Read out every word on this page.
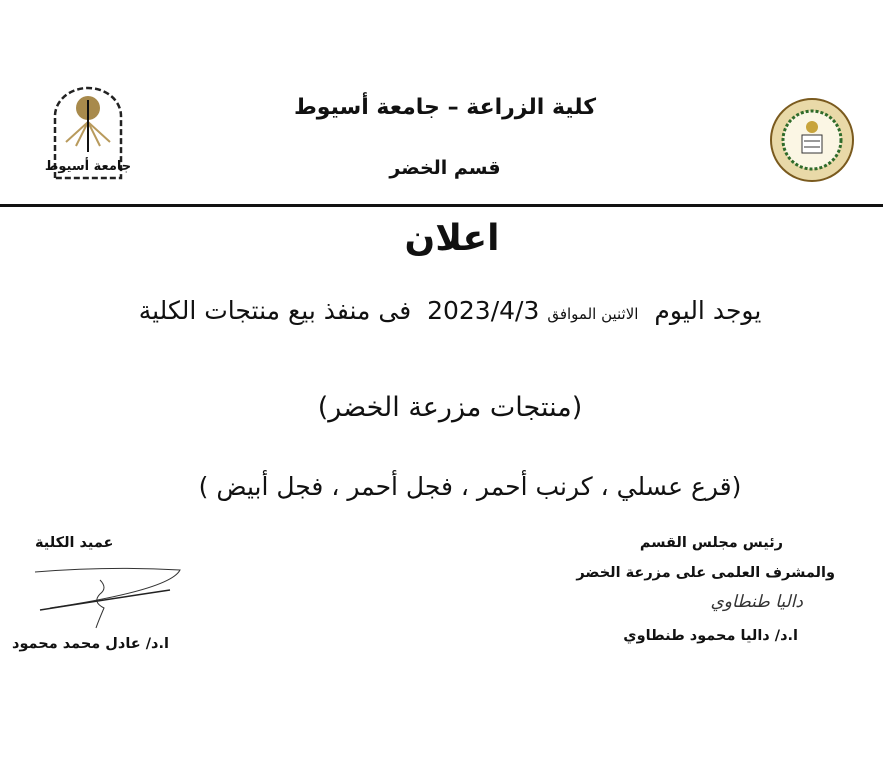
جامعة أسيوط
كلية الزراعة – جامعة أسيوط
قسم الخضر
اعلان
يوجد اليوم  الاثنين الموافق 2023/4/3  فى منفذ بيع منتجات الكلية
(منتجات مزرعة الخضر)
(قرع عسلي ، كرنب أحمر ، فجل أحمر ، فجل أبيض )
رئيس مجلس القسم
والمشرف العلمى على مزرعة الخضر
داليا طنطاوي
ا.د/ داليا محمود طنطاوي
عميد الكلية
ا.د/ عادل محمد محمود
